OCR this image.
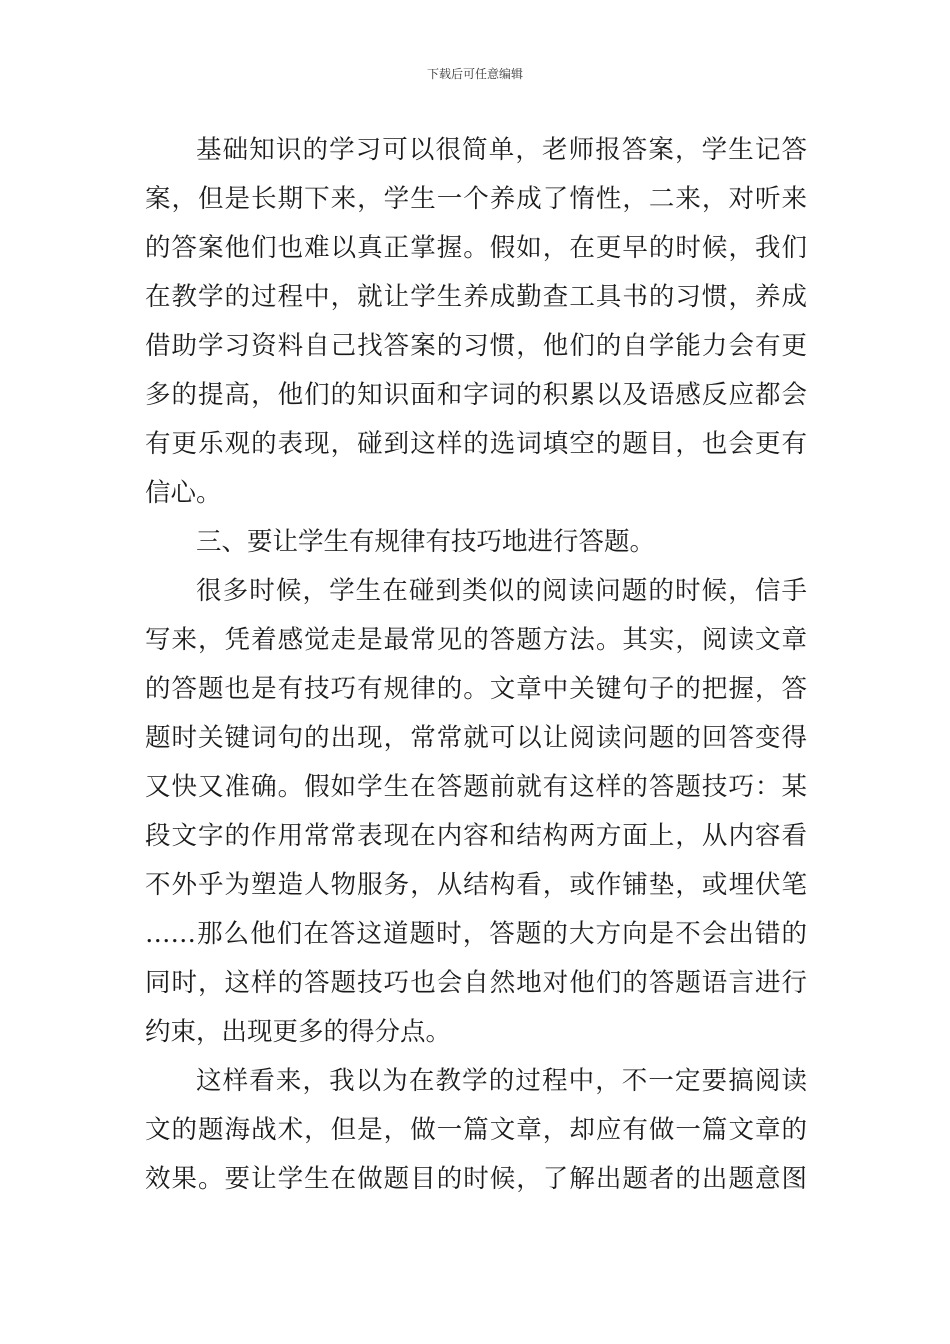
下载后可任意编辑

基础知识的学习可以很简单，老师报答案，学生记答
案，但是长期下来，学生一个养成了惰性，二来，对听来
的答案他们也难以真正掌握。假如，在更早的时候，我们
在教学的过程中，就让学生养成勤查工具书的习惯，养成
借助学习资料自己找答案的习惯，他们的自学能力会有更
多的提高，他们的知识面和字词的积累以及语感反应都会
有更乐观的表现，碰到这样的选词填空的题目，也会更有
信心。

三、要让学生有规律有技巧地进行答题。

很多时候，学生在碰到类似的阅读问题的时候，信手
写来，凭着感觉走是最常见的答题方法。其实，阅读文章
的答题也是有技巧有规律的。文章中关键句子的把握，答
题时关键词句的出现，常常就可以让阅读问题的回答变得
又快又准确。假如学生在答题前就有这样的答题技巧：某
段文字的作用常常表现在内容和结构两方面上，从内容看
不外乎为塑造人物服务，从结构看，或作铺垫，或埋伏笔
……那么他们在答这道题时，答题的大方向是不会出错的
同时，这样的答题技巧也会自然地对他们的答题语言进行
约束，出现更多的得分点。

这样看来，我以为在教学的过程中，不一定要搞阅读
文的题海战术，但是，做一篇文章，却应有做一篇文章的
效果。要让学生在做题目的时候，了解出题者的出题意图
